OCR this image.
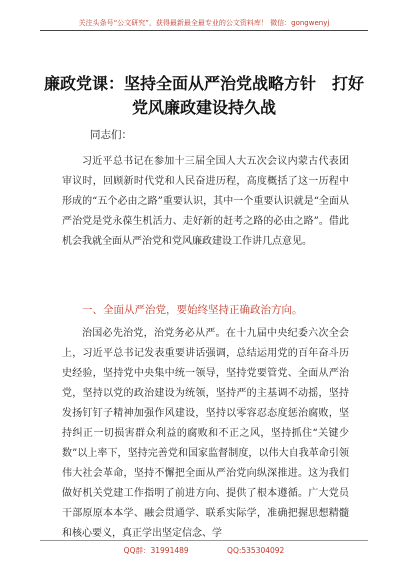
关注头条号“公文研究”，获得最新最全最专业的公文资料库！ 微信：gongwenyj
廉政党课：坚持全面从严治党战略方针　打好
党风廉政建设持久战
同志们：
习近平总书记在参加十三届全国人大五次会议内蒙古代表团审议时，回顾新时代党和人民奋进历程，高度概括了这一历程中形成的“五个必由之路”重要认识，其中一个重要认识就是“全面从严治党是党永葆生机活力、走好新的赶考之路的必由之路”。借此机会我就全面从严治党和党风廉政建设工作讲几点意见。
一、全面从严治党，要始终坚持正确政治方向。
治国必先治党，治党务必从严。在十九届中央纪委六次全会上，习近平总书记发表重要讲话强调，总结运用党的百年奋斗历史经验，坚持党中央集中统一领导，坚持党要管党、全面从严治党，坚持以党的政治建设为统领，坚持严的主基调不动摇，坚持发扬钉钉子精神加强作风建设，坚持以零容忍态度惩治腐败，坚持纠正一切损害群众利益的腐败和不正之风，坚持抓住“关键少数”以上率下，坚持完善党和国家监督制度，以伟大自我革命引领伟大社会革命，坚持不懈把全面从严治党向纵深推进。这为我们做好机关党建工作指明了前进方向、提供了根本遵循。广大党员干部原原本本学、融会贯通学、联系实际学，准确把握思想精髓和核心要义，真正学出坚定信念、学
QQ群：31991489	QQ:535304092
